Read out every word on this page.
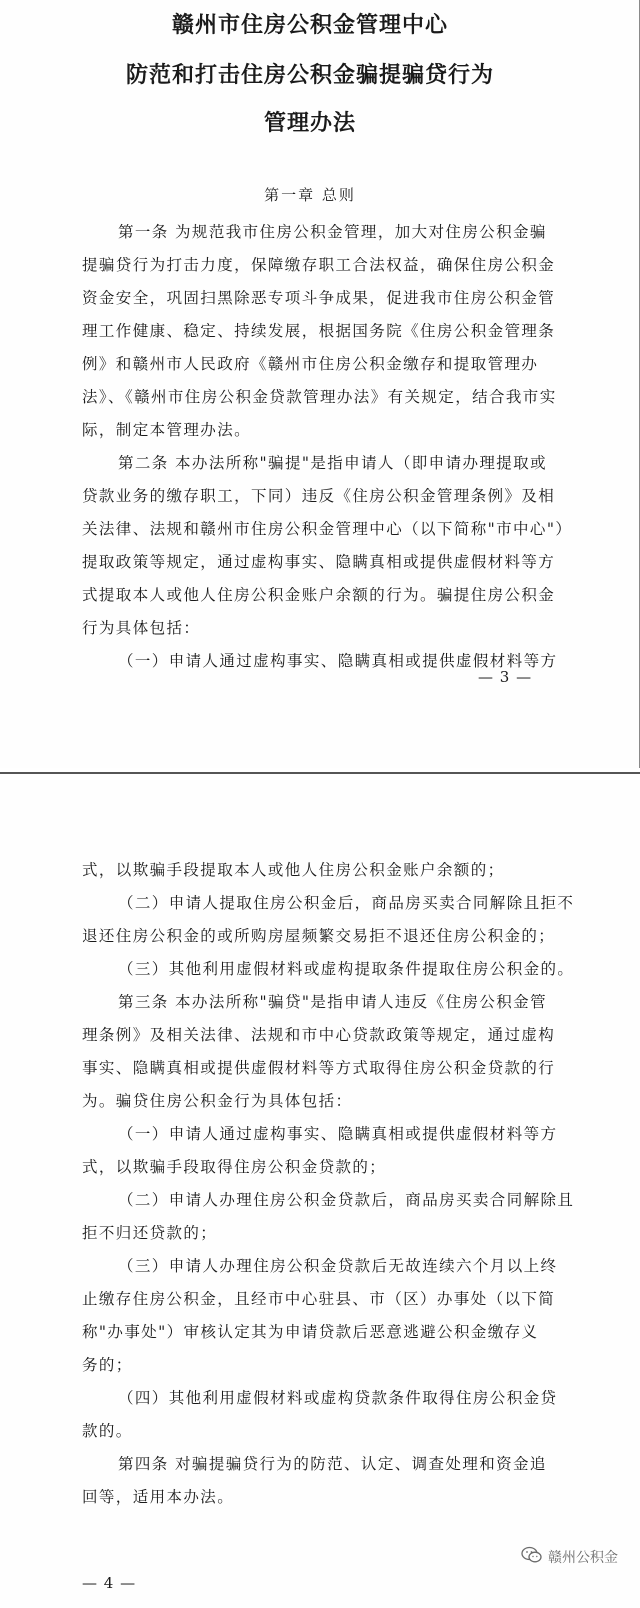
赣州市住房公积金管理中心
防范和打击住房公积金骗提骗贷行为
管理办法
第一章 总则

第一条 为规范我市住房公积金管理，加大对住房公积金骗

提骗贷行为打击力度，保障缴存职工合法权益，确保住房公积金

资金安全，巩固扫黑除恶专项斗争成果，促进我市住房公积金管

理工作健康、稳定、持续发展，根据国务院《住房公积金管理条

例》和赣州市人民政府《赣州市住房公积金缴存和提取管理办

法》、《赣州市住房公积金贷款管理办法》有关规定，结合我市实

际，制定本管理办法。

第二条 本办法所称"骗提"是指申请人（即申请办理提取或

贷款业务的缴存职工，下同）违反《住房公积金管理条例》及相

关法律、法规和赣州市住房公积金管理中心（以下简称"市中心"）

提取政策等规定，通过虚构事实、隐瞒真相或提供虚假材料等方

式提取本人或他人住房公积金账户余额的行为。骗提住房公积金

行为具体包括：

（一）申请人通过虚构事实、隐瞒真相或提供虚假材料等方

— 3 —

式，以欺骗手段提取本人或他人住房公积金账户余额的；

（二）申请人提取住房公积金后，商品房买卖合同解除且拒不

退还住房公积金的或所购房屋频繁交易拒不退还住房公积金的；

（三）其他利用虚假材料或虚构提取条件提取住房公积金的。

第三条 本办法所称"骗贷"是指申请人违反《住房公积金管

理条例》及相关法律、法规和市中心贷款政策等规定，通过虚构

事实、隐瞒真相或提供虚假材料等方式取得住房公积金贷款的行

为。骗贷住房公积金行为具体包括：

（一）申请人通过虚构事实、隐瞒真相或提供虚假材料等方

式，以欺骗手段取得住房公积金贷款的；

（二）申请人办理住房公积金贷款后，商品房买卖合同解除且

拒不归还贷款的；

（三）申请人办理住房公积金贷款后无故连续六个月以上终

止缴存住房公积金，且经市中心驻县、市（区）办事处（以下简

称"办事处"）审核认定其为申请贷款后恶意逃避公积金缴存义

务的；

（四）其他利用虚假材料或虚构贷款条件取得住房公积金贷

款的。

第四条 对骗提骗贷行为的防范、认定、调查处理和资金追

回等，适用本办法。

— 4 —
赣州公积金
